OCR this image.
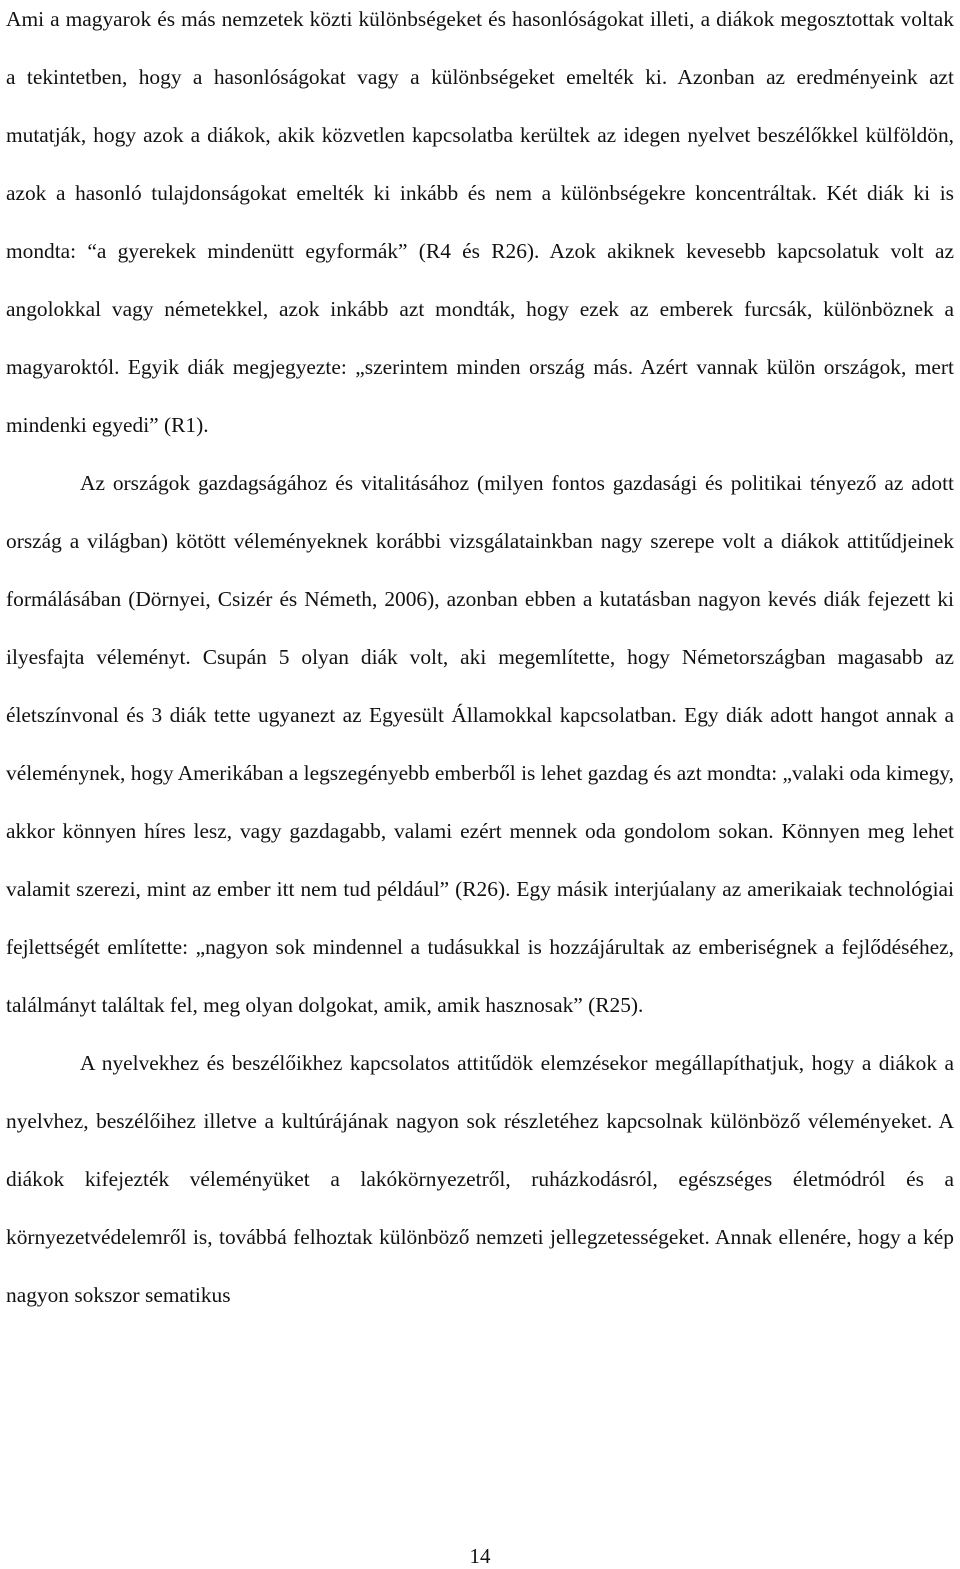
Ami a magyarok és más nemzetek közti különbségeket és hasonlóságokat illeti, a diákok megosztottak voltak a tekintetben, hogy a hasonlóságokat vagy a különbségeket emelték ki. Azonban az eredményeink azt mutatják, hogy azok a diákok, akik közvetlen kapcsolatba kerültek az idegen nyelvet beszélőkkel külföldön, azok a hasonló tulajdonságokat emelték ki inkább és nem a különbségekre koncentráltak. Két diák ki is mondta: “a gyerekek mindenütt egyformák” (R4 és R26). Azok akiknek kevesebb kapcsolatuk volt az angolokkal vagy németekkel, azok inkább azt mondták, hogy ezek az emberek furcsák, különböznek a magyaroktól. Egyik diák megjegyezte: „szerintem minden ország más. Azért vannak külön országok, mert mindenki egyedi” (R1).

Az országok gazdagságához és vitalitásához (milyen fontos gazdasági és politikai tényező az adott ország a világban) kötött véleményeknek korábbi vizsgálatainkban nagy szerepe volt a diákok attitűdjeinek formálásában (Dörnyei, Csizér és Németh, 2006), azonban ebben a kutatásban nagyon kevés diák fejezett ki ilyesfajta véleményt. Csupán 5 olyan diák volt, aki megemlítette, hogy Németországban magasabb az életszínvonal és 3 diák tette ugyanezt az Egyesült Államokkal kapcsolatban. Egy diák adott hangot annak a véleménynek, hogy Amerikában a legszegényebb emberből is lehet gazdag és azt mondta: „valaki oda kimegy, akkor könnyen híres lesz, vagy gazdagabb, valami ezért mennek oda gondolom sokan. Könnyen meg lehet valamit szerezi, mint az ember itt nem tud például” (R26). Egy másik interjúalany az amerikaiak technológiai fejlettségét említette: „nagyon sok mindennel a tudásukkal is hozzájárultak az emberiségnek a fejlődéséhez, találmányt találtak fel, meg olyan dolgokat, amik, amik hasznosak” (R25).

A nyelvekhez és beszélőikhez kapcsolatos attitűdök elemzésekor megállapíthatjuk, hogy a diákok a nyelvhez, beszélőihez illetve a kultúrájának nagyon sok részletéhez kapcsolnak különböző véleményeket. A diákok kifejezték véleményüket a lakókörnyezetről, ruházkodásról, egészséges életmódról és a környezetvédelemről is, továbbá felhoztak különböző nemzeti jellegzetességeket. Annak ellenére, hogy a kép nagyon sokszor sematikus

14
